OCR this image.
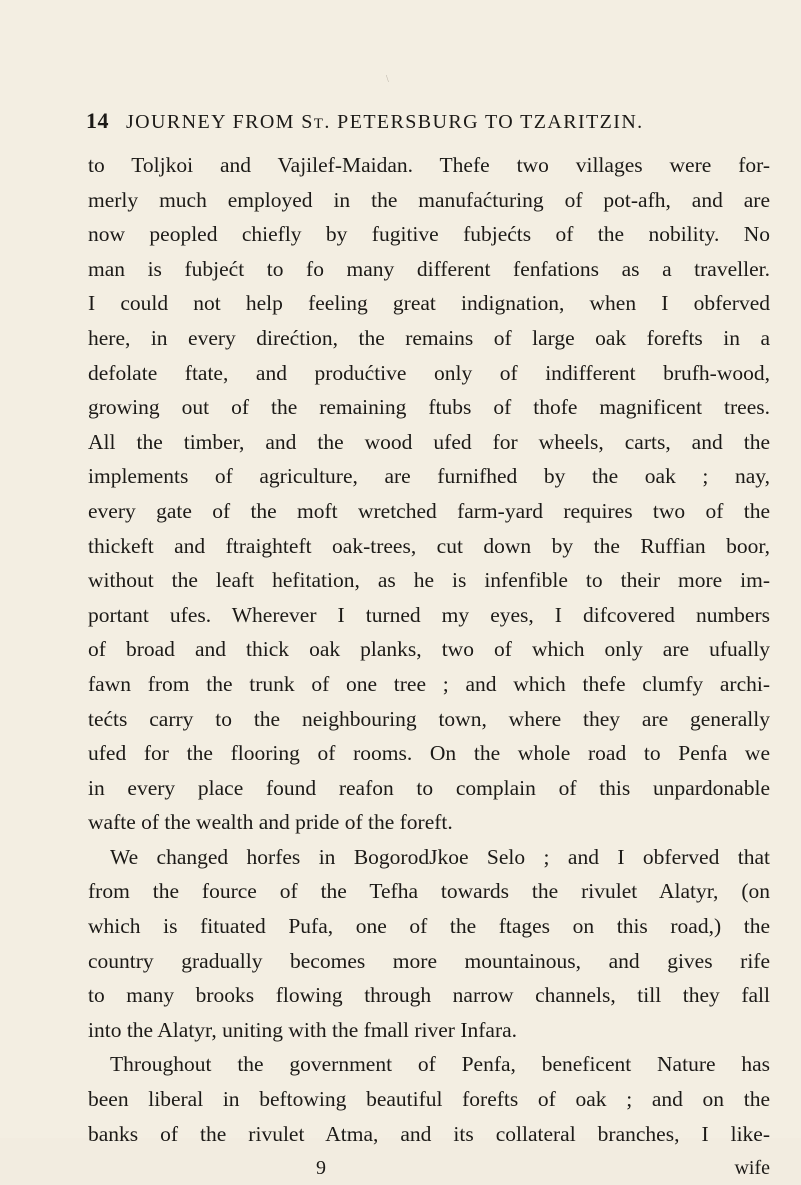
\
14 JOURNEY FROM ST. PETERSBURG TO TZARITZIN.
to Toljkoi and Vajilef-Maidan. Thefe two villages were for-
merly much employed in the manufaćturing of pot-afh, and are
now peopled chiefly by fugitive fubjećts of the nobility. No
man is fubjećt to fo many different fenfations as a traveller.
I could not help feeling great indignation, when I obferved
here, in every direćtion, the remains of large oak forefts in a
defolate ftate, and produćtive only of indifferent brufh-wood,
growing out of the remaining ftubs of thofe magnificent trees.
All the timber, and the wood ufed for wheels, carts, and the
implements of agriculture, are furnifhed by the oak ; nay,
every gate of the moft wretched farm-yard requires two of the
thickeft and ftraighteft oak-trees, cut down by the Ruffian boor,
without the leaft hefitation, as he is infenfible to their more im-
portant ufes. Wherever I turned my eyes, I difcovered numbers
of broad and thick oak planks, two of which only are ufually
fawn from the trunk of one tree ; and which thefe clumfy archi-
tećts carry to the neighbouring town, where they are generally
ufed for the flooring of rooms. On the whole road to Penfa we
in every place found reafon to complain of this unpardonable
wafte of the wealth and pride of the foreft.
We changed horfes in BogorodJkoe Selo ; and I obferved that
from the fource of the Tefha towards the rivulet Alatyr, (on
which is fituated Pufa, one of the ftages on this road,) the
country gradually becomes more mountainous, and gives rife
to many brooks flowing through narrow channels, till they fall
into the Alatyr, uniting with the fmall river Infara.
Throughout the government of Penfa, beneficent Nature has
been liberal in beftowing beautiful forefts of oak ; and on the
banks of the rivulet Atma, and its collateral branches, I like-
9	wife
